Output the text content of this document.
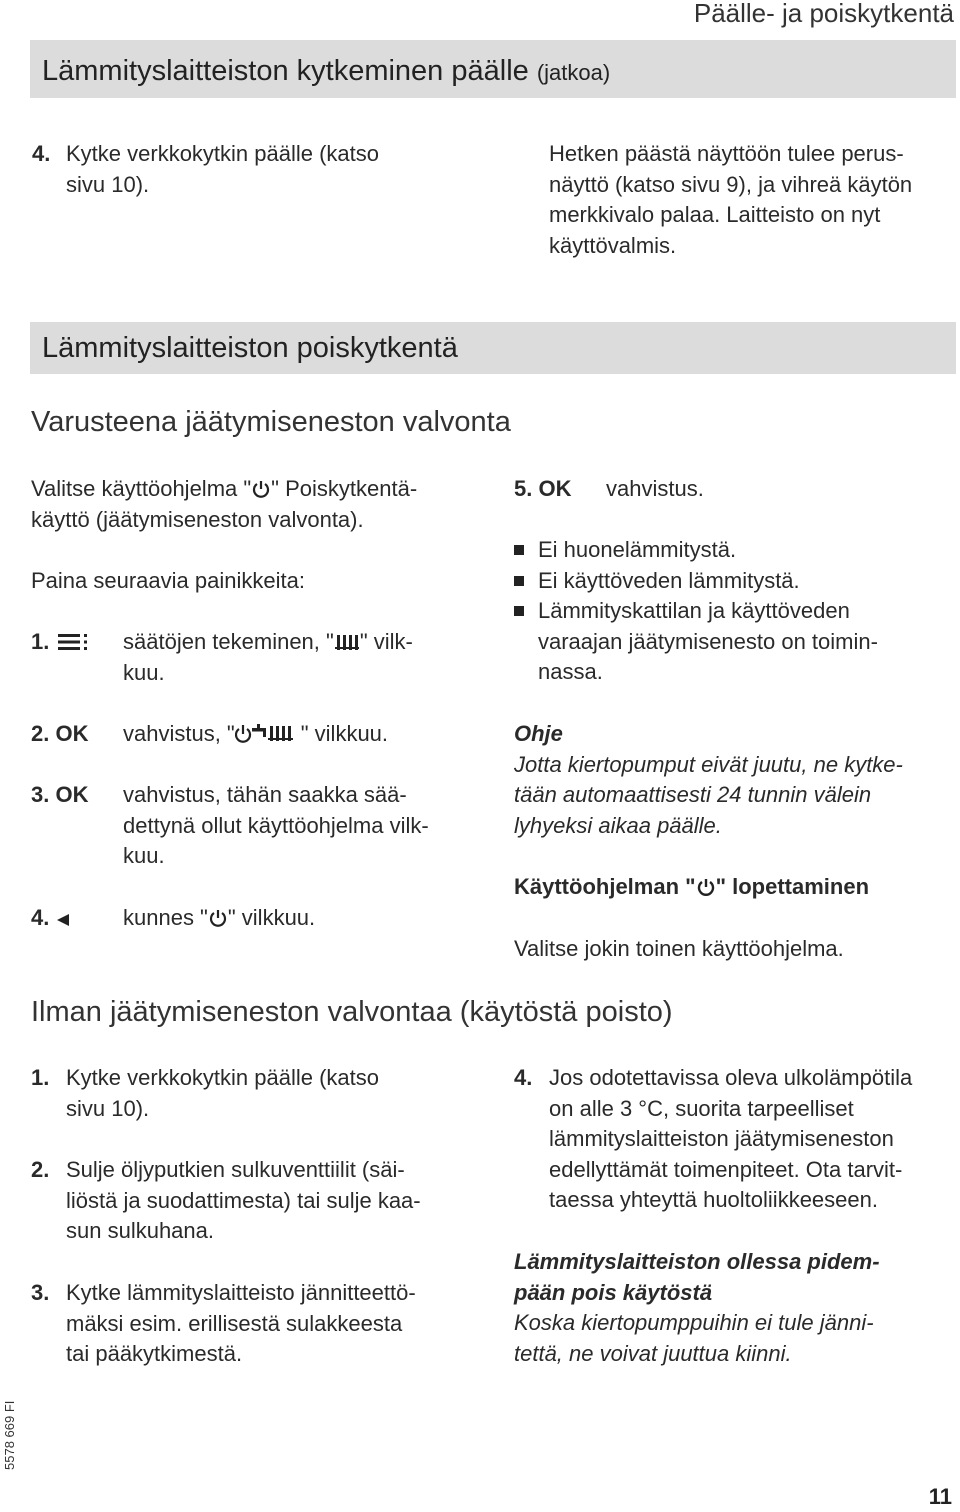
Päälle- ja poiskytkentä
Lämmityslaitteiston kytkeminen päälle (jatkoa)
4. Kytke verkkokytkin päälle (katso
sivu 10).
Hetken päästä näyttöön tulee perus-
näyttö (katso sivu 9), ja vihreä käytön
merkkivalo palaa. Laitteisto on nyt
käyttövalmis.
Lämmityslaitteiston poiskytkentä
Varusteena jäätymiseneston valvonta
Valitse käyttöohjelma " " Poiskytkentä-
käyttö (jäätymiseneston valvonta).
Paina seuraavia painikkeita:
1.	säätöjen tekeminen, " " vilk-
kuu.
2. OK vahvistus, "	" vilkkuu.
3. OK vahvistus, tähän saakka sää-
dettynä ollut käyttöohjelma vilk-
kuu.
4.	kunnes " " vilkkuu.
5. OK vahvistus.
Ei huonelämmitystä.
Ei käyttöveden lämmitystä.
Lämmityskattilan ja käyttöveden
varaajan jäätymisenesto on toimin-
nassa.
Ohje
Jotta kiertopumput eivät juutu, ne kytke-
tään automaattisesti 24 tunnin välein
lyhyeksi aikaa päälle.
Käyttöohjelman " " lopettaminen
Valitse jokin toinen käyttöohjelma.
Ilman jäätymiseneston valvontaa (käytöstä poisto)
1. Kytke verkkokytkin päälle (katso
sivu 10).
2. Sulje öljyputkien sulkuventtiilit (säi-
liöstä ja suodattimesta) tai sulje kaa-
sun sulkuhana.
3. Kytke lämmityslaitteisto jännitteettö-
mäksi esim. erillisestä sulakkeesta
tai pääkytkimestä.
4. Jos odotettavissa oleva ulkolämpötila
on alle 3 °C, suorita tarpeelliset
lämmityslaitteiston jäätymiseneston
edellyttämät toimenpiteet. Ota tarvit-
taessa yhteyttä huoltoliikkeeseen.
Lämmityslaitteiston ollessa pidem-
pään pois käytöstä
Koska kiertopumppuihin ei tule jänni-
tettä, ne voivat juuttua kiinni.
5578 669 FI
11
